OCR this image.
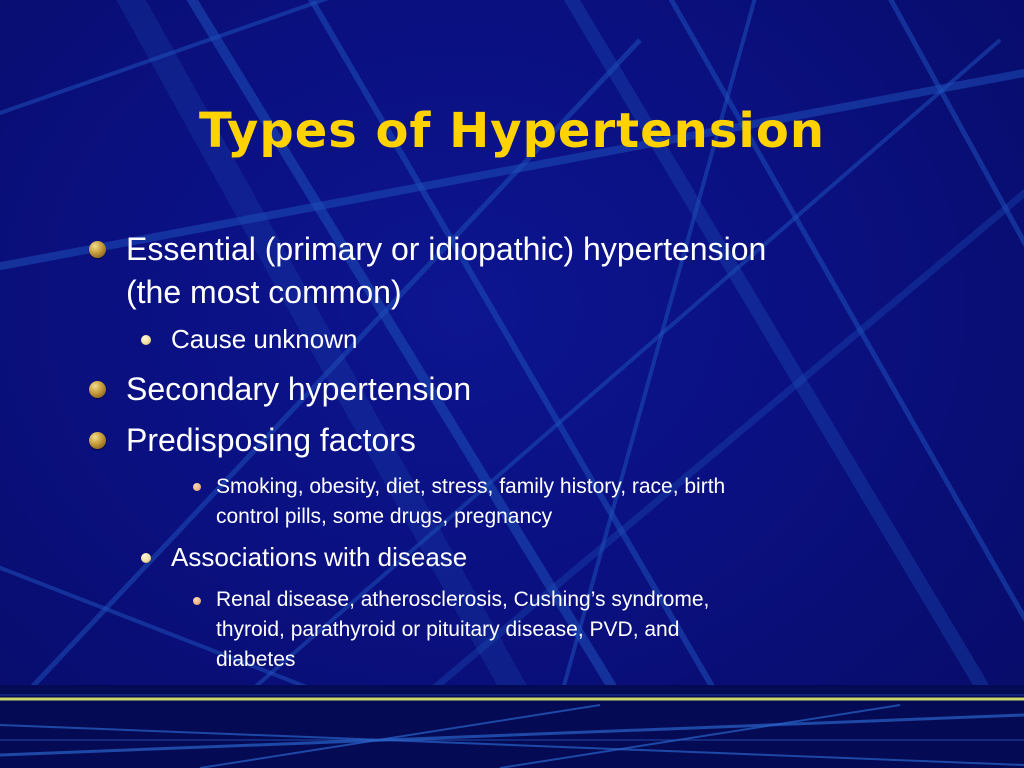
Types of Hypertension
Essential (primary or idiopathic) hypertension
(the most common)
Cause unknown
Secondary hypertension
Predisposing factors
Smoking, obesity, diet, stress, family history, race, birth
control pills, some drugs, pregnancy
Associations with disease
Renal disease, atherosclerosis, Cushing’s syndrome,
thyroid, parathyroid or pituitary disease, PVD, and
diabetes
